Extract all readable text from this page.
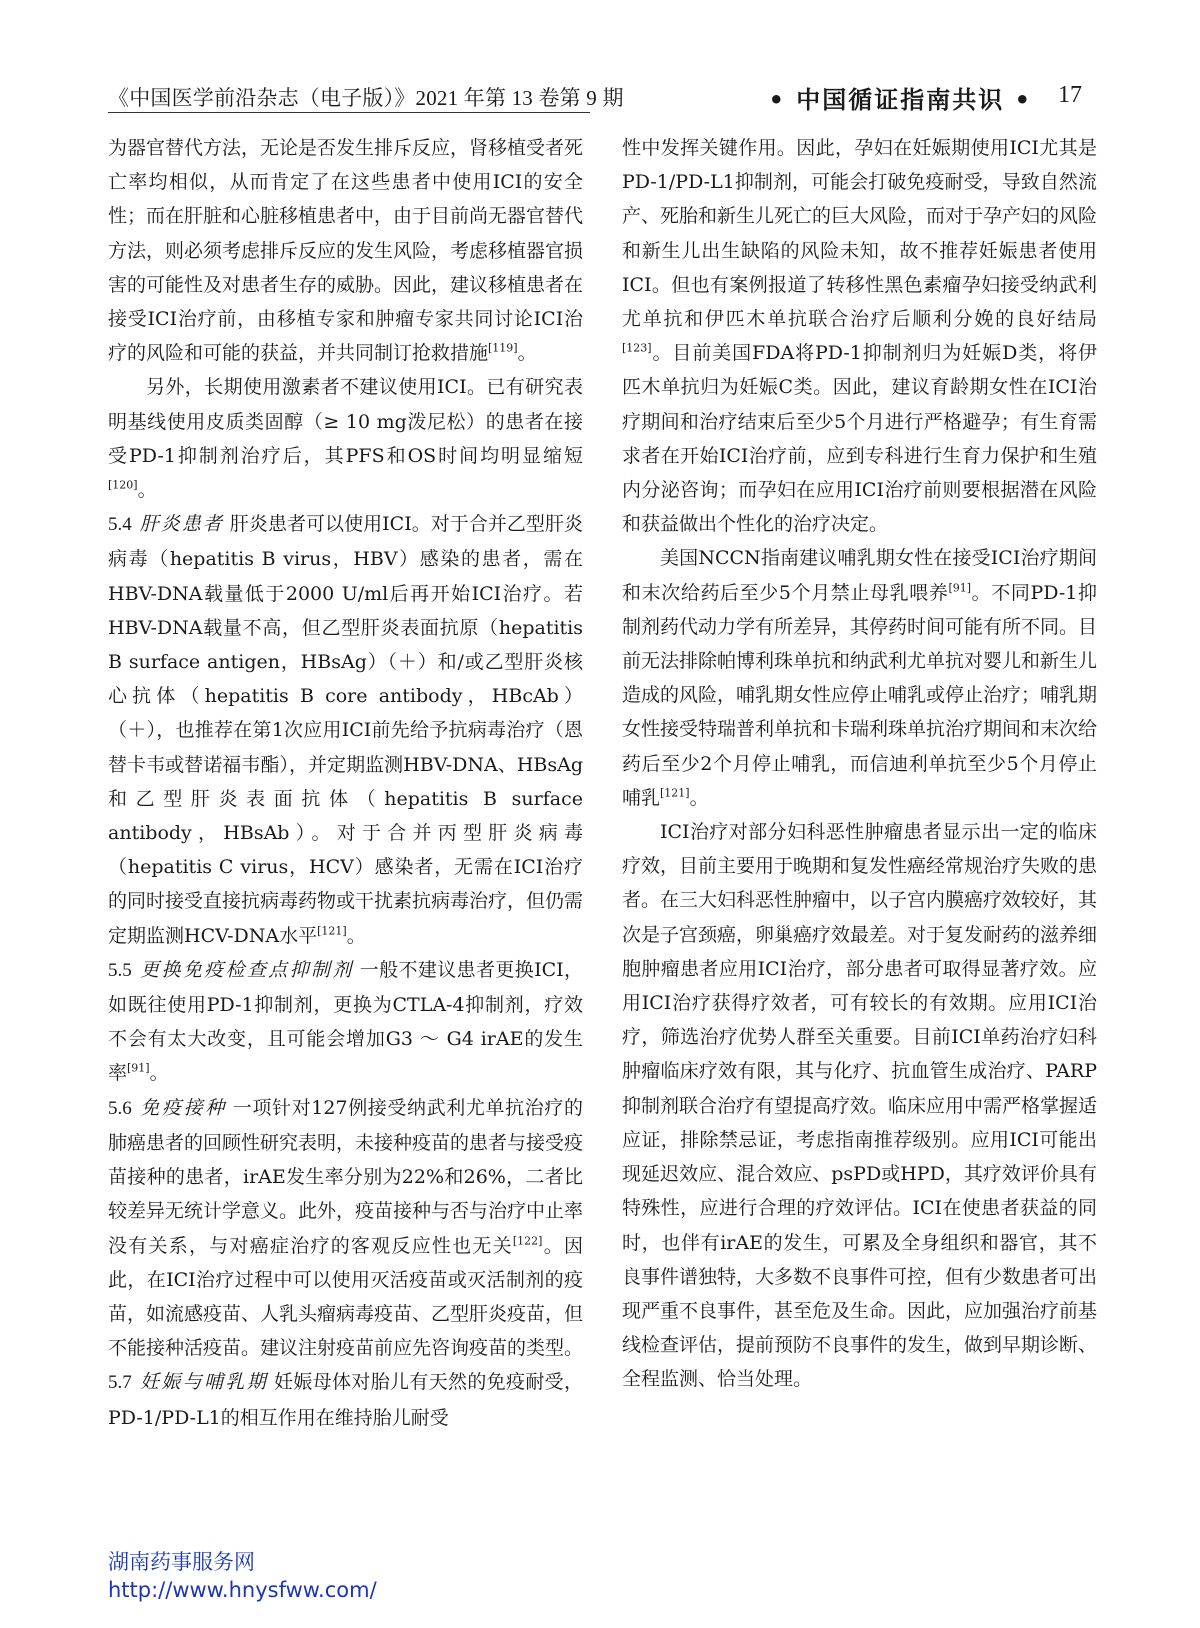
《中国医学前沿杂志（电子版）》2021 年第 13 卷第 9 期	• 中国循证指南共识 • 17

为器官替代方法，无论是否发生排斥反应，肾移植受者死亡率均相似，从而肯定了在这些患者中使用ICI的安全性；而在肝脏和心脏移植患者中，由于目前尚无器官替代方法，则必须考虑排斥反应的发生风险，考虑移植器官损害的可能性及对患者生存的威胁。因此，建议移植患者在接受ICI治疗前，由移植专家和肿瘤专家共同讨论ICI治疗的风险和可能的获益，并共同制订抢救措施[119]。

另外，长期使用激素者不建议使用ICI。已有研究表明基线使用皮质类固醇（≥ 10 mg泼尼松）的患者在接受PD-1抑制剂治疗后，其PFS和OS时间均明显缩短[120]。

5.4 肝炎患者 肝炎患者可以使用ICI。对于合并乙型肝炎病毒（hepatitis B virus，HBV）感染的患者，需在HBV-DNA载量低于2000 U/ml后再开始ICI治疗。若HBV-DNA载量不高，但乙型肝炎表面抗原（hepatitis B surface antigen，HBsAg）（＋）和/或乙型肝炎核心抗体（hepatitis B core antibody，HBcAb）（＋），也推荐在第1次应用ICI前先给予抗病毒治疗（恩替卡韦或替诺福韦酯），并定期监测HBV-DNA、HBsAg和乙型肝炎表面抗体（hepatitis B surface antibody，HBsAb）。对于合并丙型肝炎病毒（hepatitis C virus，HCV）感染者，无需在ICI治疗的同时接受直接抗病毒药物或干扰素抗病毒治疗，但仍需定期监测HCV-DNA水平[121]。

5.5 更换免疫检查点抑制剂 一般不建议患者更换ICI，如既往使用PD-1抑制剂，更换为CTLA-4抑制剂，疗效不会有太大改变，且可能会增加G3 ～ G4 irAE的发生率[91]。

5.6 免疫接种 一项针对127例接受纳武利尤单抗治疗的肺癌患者的回顾性研究表明，未接种疫苗的患者与接受疫苗接种的患者，irAE发生率分别为22%和26%，二者比较差异无统计学意义。此外，疫苗接种与否与治疗中止率没有关系，与对癌症治疗的客观反应性也无关[122]。因此，在ICI治疗过程中可以使用灭活疫苗或灭活制剂的疫苗，如流感疫苗、人乳头瘤病毒疫苗、乙型肝炎疫苗，但不能接种活疫苗。建议注射疫苗前应先咨询疫苗的类型。

5.7 妊娠与哺乳期 妊娠母体对胎儿有天然的免疫耐受，PD-1/PD-L1的相互作用在维持胎儿耐受

性中发挥关键作用。因此，孕妇在妊娠期使用ICI尤其是PD-1/PD-L1抑制剂，可能会打破免疫耐受，导致自然流产、死胎和新生儿死亡的巨大风险，而对于孕产妇的风险和新生儿出生缺陷的风险未知，故不推荐妊娠患者使用ICI。但也有案例报道了转移性黑色素瘤孕妇接受纳武利尤单抗和伊匹木单抗联合治疗后顺利分娩的良好结局[123]。目前美国FDA将PD-1抑制剂归为妊娠D类，将伊匹木单抗归为妊娠C类。因此，建议育龄期女性在ICI治疗期间和治疗结束后至少5个月进行严格避孕；有生育需求者在开始ICI治疗前，应到专科进行生育力保护和生殖内分泌咨询；而孕妇在应用ICI治疗前则要根据潜在风险和获益做出个性化的治疗决定。

美国NCCN指南建议哺乳期女性在接受ICI治疗期间和末次给药后至少5个月禁止母乳喂养[91]。不同PD-1抑制剂药代动力学有所差异，其停药时间可能有所不同。目前无法排除帕博利珠单抗和纳武利尤单抗对婴儿和新生儿造成的风险，哺乳期女性应停止哺乳或停止治疗；哺乳期女性接受特瑞普利单抗和卡瑞利珠单抗治疗期间和末次给药后至少2个月停止哺乳，而信迪利单抗至少5个月停止哺乳[121]。

ICI治疗对部分妇科恶性肿瘤患者显示出一定的临床疗效，目前主要用于晚期和复发性癌经常规治疗失败的患者。在三大妇科恶性肿瘤中，以子宫内膜癌疗效较好，其次是子宫颈癌，卵巢癌疗效最差。对于复发耐药的滋养细胞肿瘤患者应用ICI治疗，部分患者可取得显著疗效。应用ICI治疗获得疗效者，可有较长的有效期。应用ICI治疗，筛选治疗优势人群至关重要。目前ICI单药治疗妇科肿瘤临床疗效有限，其与化疗、抗血管生成治疗、PARP抑制剂联合治疗有望提高疗效。临床应用中需严格掌握适应证，排除禁忌证，考虑指南推荐级别。应用ICI可能出现延迟效应、混合效应、psPD或HPD，其疗效评价具有特殊性，应进行合理的疗效评估。ICI在使患者获益的同时，也伴有irAE的发生，可累及全身组织和器官，其不良事件谱独特，大多数不良事件可控，但有少数患者可出现严重不良事件，甚至危及生命。因此，应加强治疗前基线检查评估，提前预防不良事件的发生，做到早期诊断、全程监测、恰当处理。

湖南药事服务网
http://www.hnysfww.com/
